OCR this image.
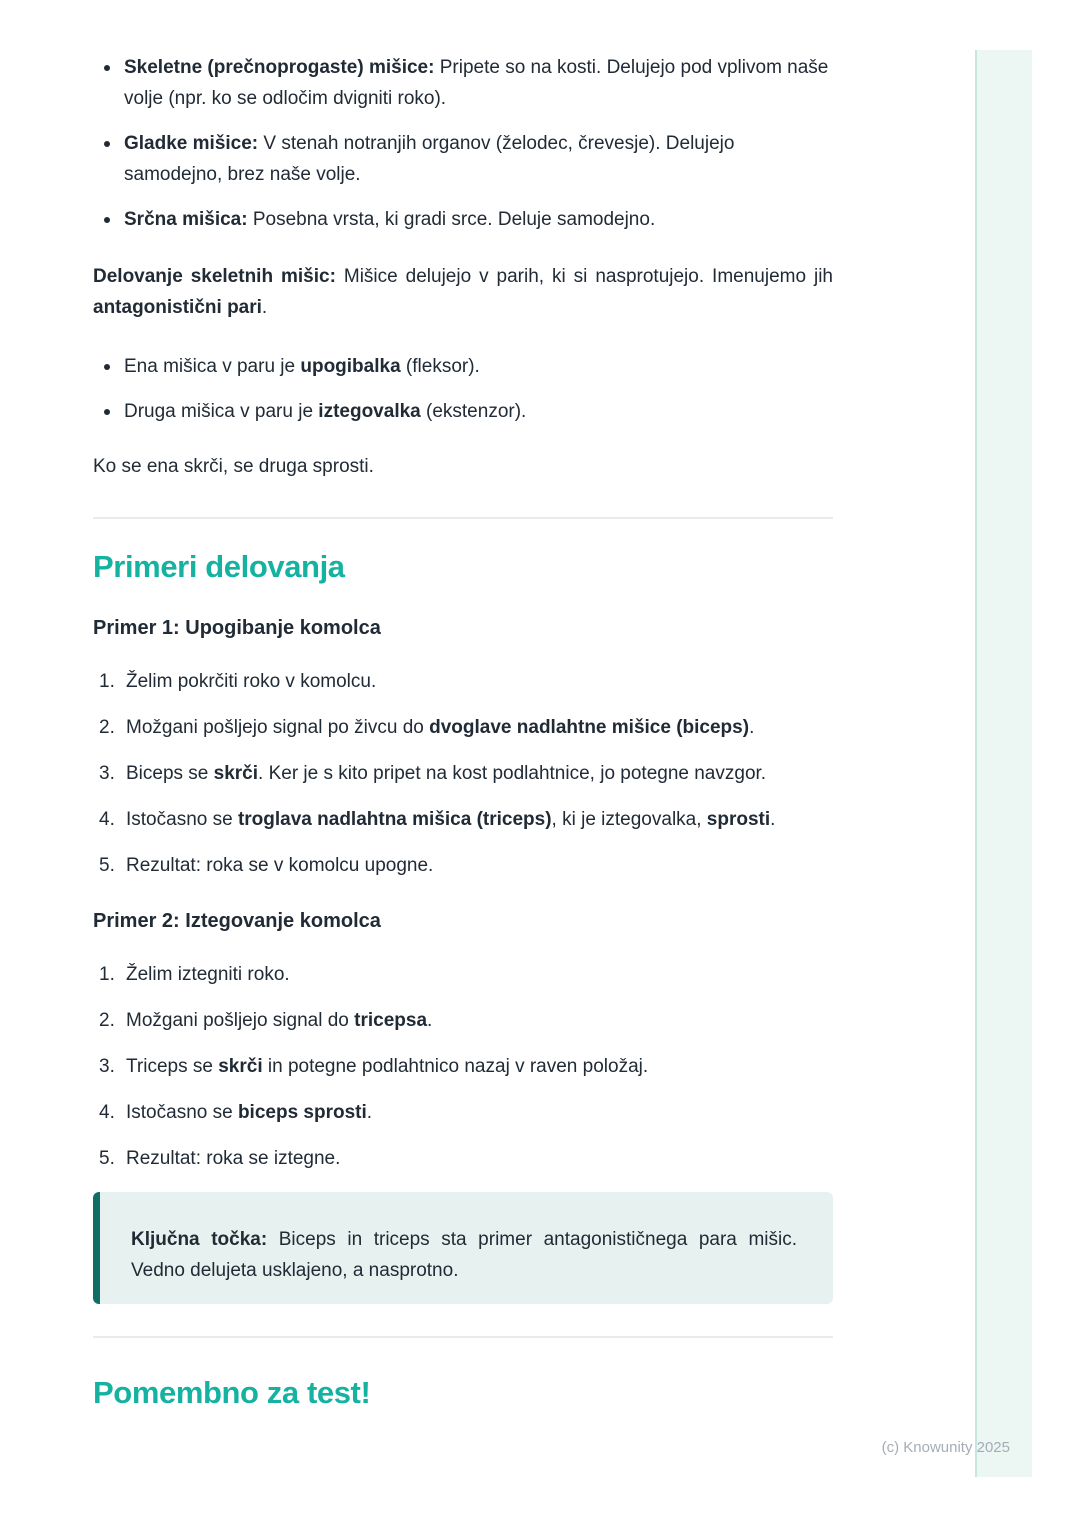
Skeletne (prečnoprogaste) mišice: Pripete so na kosti. Delujejo pod vplivom naše volje (npr. ko se odločim dvigniti roko).
Gladke mišice: V stenah notranjih organov (želodec, črevesje). Delujejo samodejno, brez naše volje.
Srčna mišica: Posebna vrsta, ki gradi srce. Deluje samodejno.

Delovanje skeletnih mišic: Mišice delujejo v parih, ki si nasprotujejo. Imenujemo jih antagonistični pari.

Ena mišica v paru je upogibalka (fleksor).
Druga mišica v paru je iztegovalka (ekstenzor).

Ko se ena skrči, se druga sprosti.

Primeri delovanja
Primer 1: Upogibanje komolca
Želim pokrčiti roko v komolcu.
Možgani pošljejo signal po živcu do dvoglave nadlahtne mišice (biceps).
Biceps se skrči. Ker je s kito pripet na kost podlahtnice, jo potegne navzgor.
Istočasno se troglava nadlahtna mišica (triceps), ki je iztegovalka, sprosti.
Rezultat: roka se v komolcu upogne.
Primer 2: Iztegovanje komolca
Želim iztegniti roko.
Možgani pošljejo signal do tricepsa.
Triceps se skrči in potegne podlahtnico nazaj v raven položaj.
Istočasno se biceps sprosti.
Rezultat: roka se iztegne.

Ključna točka: Biceps in triceps sta primer antagonističnega para mišic. Vedno delujeta usklajeno, a nasprotno.

Pomembno za test!
(c) Knowunity 2025
